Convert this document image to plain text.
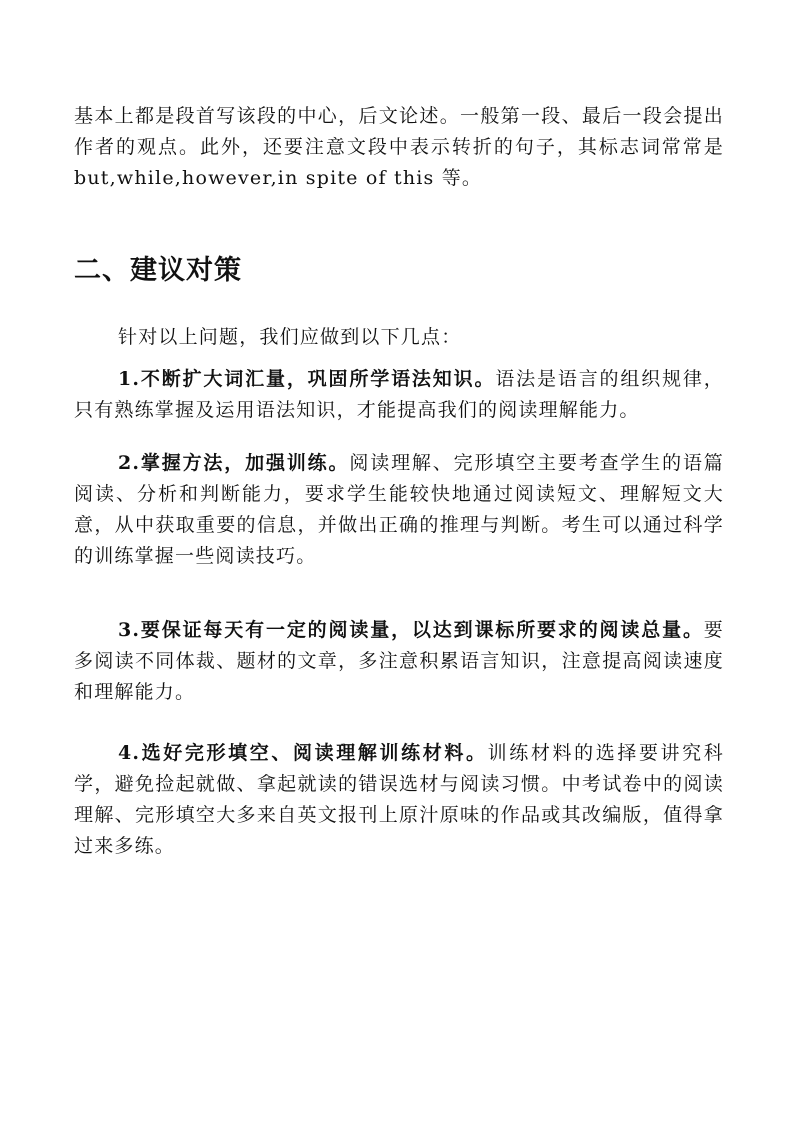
基本上都是段首写该段的中心，后文论述。一般第一段、最后一段会提出作者的观点。此外，还要注意文段中表示转折的句子，其标志词常常是 but,while,however,in spite of this 等。

二、建议对策

针对以上问题，我们应做到以下几点：

1.不断扩大词汇量，巩固所学语法知识。语法是语言的组织规律，只有熟练掌握及运用语法知识，才能提高我们的阅读理解能力。

2.掌握方法，加强训练。阅读理解、完形填空主要考查学生的语篇阅读、分析和判断能力，要求学生能较快地通过阅读短文、理解短文大意，从中获取重要的信息，并做出正确的推理与判断。考生可以通过科学的训练掌握一些阅读技巧。

3.要保证每天有一定的阅读量，以达到课标所要求的阅读总量。要多阅读不同体裁、题材的文章，多注意积累语言知识，注意提高阅读速度和理解能力。

4.选好完形填空、阅读理解训练材料。训练材料的选择要讲究科学，避免捡起就做、拿起就读的错误选材与阅读习惯。中考试卷中的阅读理解、完形填空大多来自英文报刊上原汁原味的作品或其改编版，值得拿过来多练。
